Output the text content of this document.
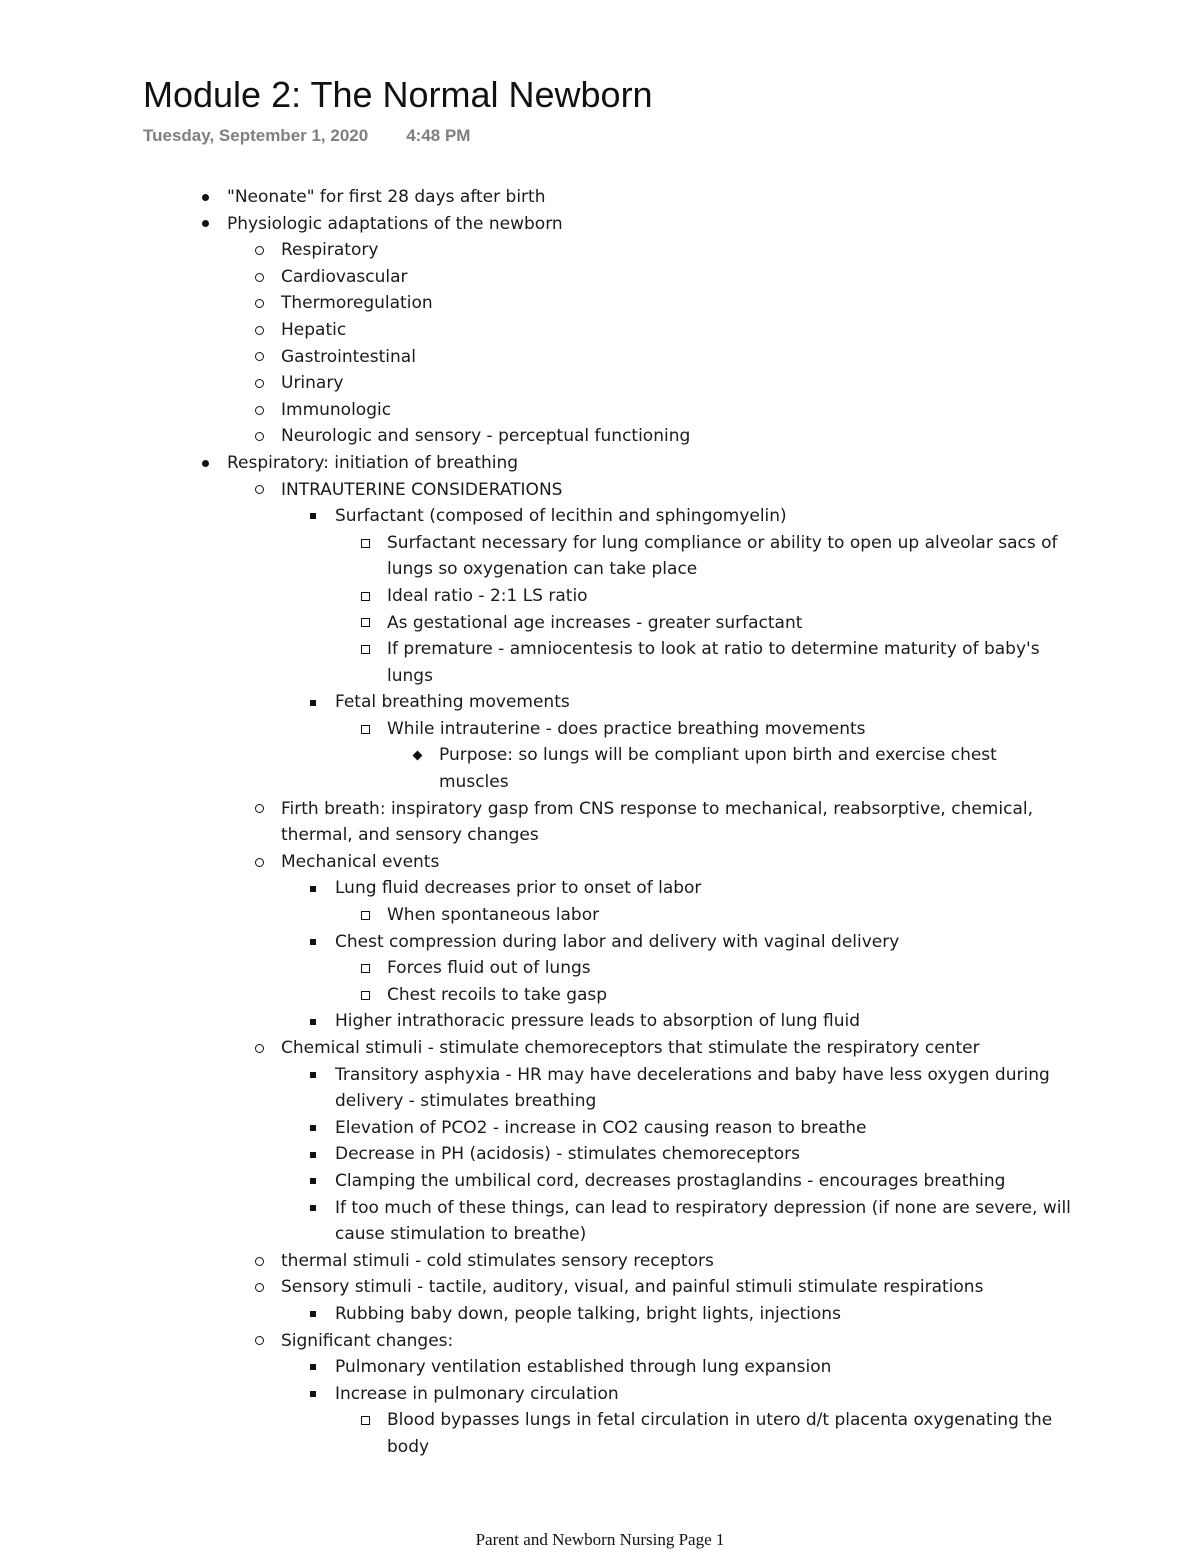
Module 2: The Normal Newborn
Tuesday, September 1, 2020 4:48 PM
"Neonate" for first 28 days after birth
Physiologic adaptations of the newborn
Respiratory
Cardiovascular
Thermoregulation
Hepatic
Gastrointestinal
Urinary
Immunologic
Neurologic and sensory - perceptual functioning
Respiratory: initiation of breathing
INTRAUTERINE CONSIDERATIONS
Surfactant (composed of lecithin and sphingomyelin)
Surfactant necessary for lung compliance or ability to open up alveolar sacs of lungs so oxygenation can take place
Ideal ratio - 2:1 LS ratio
As gestational age increases - greater surfactant
If premature - amniocentesis to look at ratio to determine maturity of baby's lungs
Fetal breathing movements
While intrauterine - does practice breathing movements
Purpose: so lungs will be compliant upon birth and exercise chest muscles
Firth breath: inspiratory gasp from CNS response to mechanical, reabsorptive, chemical, thermal, and sensory changes
Mechanical events
Lung fluid decreases prior to onset of labor
When spontaneous labor
Chest compression during labor and delivery with vaginal delivery
Forces fluid out of lungs
Chest recoils to take gasp
Higher intrathoracic pressure leads to absorption of lung fluid
Chemical stimuli - stimulate chemoreceptors that stimulate the respiratory center
Transitory asphyxia - HR may have decelerations and baby have less oxygen during delivery - stimulates breathing
Elevation of PCO2 - increase in CO2 causing reason to breathe
Decrease in PH (acidosis) - stimulates chemoreceptors
Clamping the umbilical cord, decreases prostaglandins - encourages breathing
If too much of these things, can lead to respiratory depression (if none are severe, will cause stimulation to breathe)
thermal stimuli - cold stimulates sensory receptors
Sensory stimuli - tactile, auditory, visual, and painful stimuli stimulate respirations
Rubbing baby down, people talking, bright lights, injections
Significant changes:
Pulmonary ventilation established through lung expansion
Increase in pulmonary circulation
Blood bypasses lungs in fetal circulation in utero d/t placenta oxygenating the body
Parent and Newborn Nursing Page 1
